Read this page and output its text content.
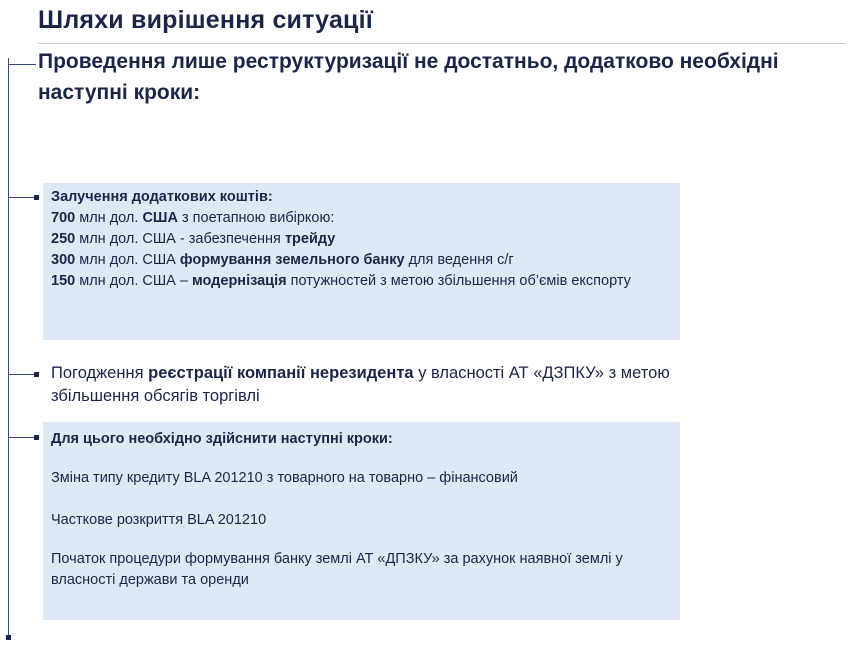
Шляхи вирішення ситуації
Проведення лише реструктуризації не достатньо, додатково необхідні наступні кроки:
Залучення додаткових коштів:
700 млн дол. США з поетапною вибіркою:
250 млн дол. США - забезпечення трейду
300 млн дол. США формування земельного банку для ведення с/г
150 млн дол. США – модернізація потужностей з метою збільшення об’ємів експорту
Погодження реєстрації компанії нерезидента у власності АТ «ДЗПКУ» з метою збільшення обсягів торгівлі
Для цього необхідно здійснити наступні кроки:
Зміна типу кредиту BLA 201210 з товарного на товарно – фінансовий
Часткове розкриття BLA 201210
Початок процедури формування банку землі АТ «ДПЗКУ» за рахунок наявної землі у власності держави та оренди
